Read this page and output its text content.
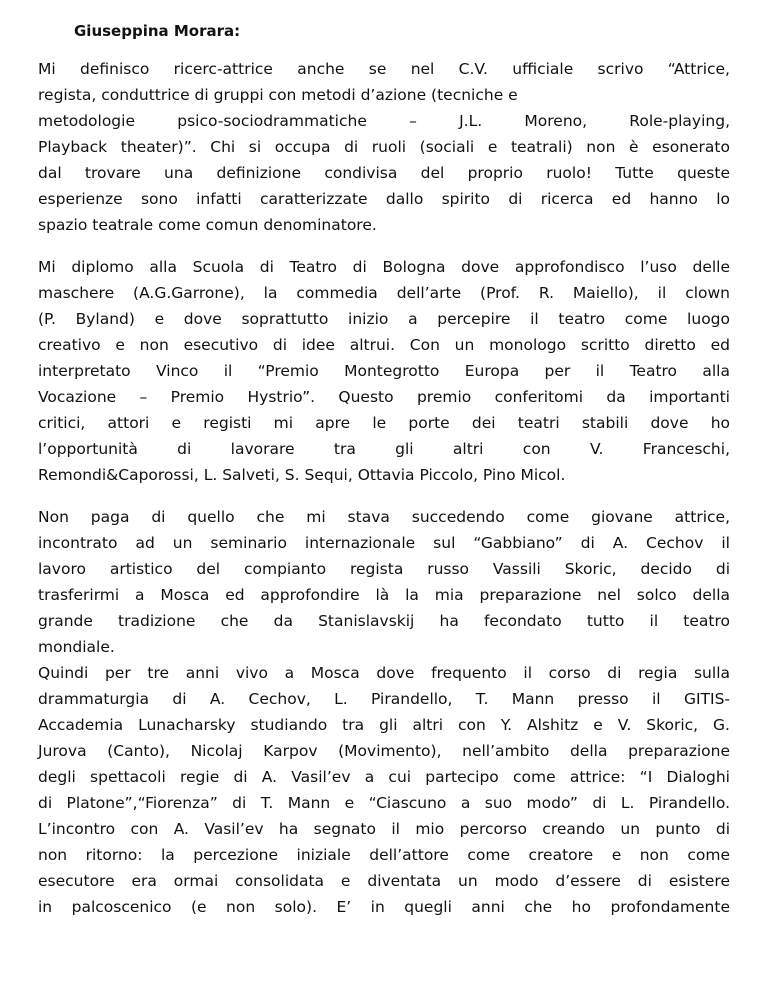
Giuseppina Morara:
Mi definisco ricerc-attrice anche se nel C.V. ufficiale scrivo “Attrice,
regista, conduttrice di gruppi con metodi d’azione (tecniche e
metodologie psico-sociodrammatiche – J.L. Moreno, Role-playing,
Playback theater)”. Chi si occupa di ruoli (sociali e teatrali) non è esonerato
dal trovare una definizione condivisa del proprio ruolo! Tutte queste
esperienze sono infatti caratterizzate dallo spirito di ricerca ed hanno lo
spazio teatrale come comun denominatore.
Mi diplomo alla Scuola di Teatro di Bologna dove approfondisco l’uso delle
maschere (A.G.Garrone), la commedia dell’arte (Prof. R. Maiello), il clown
(P. Byland) e dove soprattutto inizio a percepire il teatro come luogo
creativo e non esecutivo di idee altrui. Con un monologo scritto diretto ed
interpretato Vinco il “Premio Montegrotto Europa per il Teatro alla
Vocazione – Premio Hystrio”. Questo premio conferitomi da importanti
critici, attori e registi mi apre le porte dei teatri stabili dove ho
l’opportunità di lavorare tra gli altri con V. Franceschi,
Remondi&Caporossi, L. Salveti, S. Sequi, Ottavia Piccolo, Pino Micol.
Non paga di quello che mi stava succedendo come giovane attrice,
incontrato ad un seminario internazionale sul “Gabbiano” di A. Cechov il
lavoro artistico del compianto regista russo Vassili Skoric, decido di
trasferirmi a Mosca ed approfondire là la mia preparazione nel solco della
grande tradizione che da Stanislavskij ha fecondato tutto il teatro
mondiale.
Quindi per tre anni vivo a Mosca dove frequento il corso di regia sulla
drammaturgia di A. Cechov, L. Pirandello, T. Mann presso il GITIS-
Accademia Lunacharsky studiando tra gli altri con Y. Alshitz e V. Skoric, G.
Jurova (Canto), Nicolaj Karpov (Movimento), nell’ambito della preparazione
degli spettacoli regie di A. Vasil’ev a cui partecipo come attrice: “I Dialoghi
di Platone”,“Fiorenza” di T. Mann e “Ciascuno a suo modo” di L. Pirandello.
L’incontro con A. Vasil’ev ha segnato il mio percorso creando un punto di
non ritorno: la percezione iniziale dell’attore come creatore e non come
esecutore era ormai consolidata e diventata un modo d’essere di esistere
in palcoscenico (e non solo). E’ in quegli anni che ho profondamente
